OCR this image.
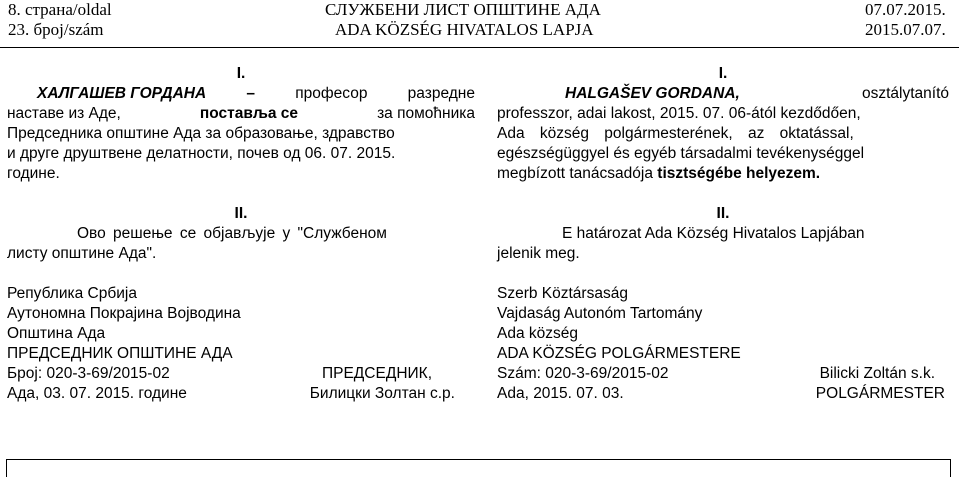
8. страна/oldal
23. број/szám
СЛУЖБЕНИ ЛИСТ ОПШТИНЕ АДА
ADA KÖZSÉG HIVATALOS LAPJA
07.07.2015.
2015.07.07.
I.
ХАЛГАШЕВ ГОРДАНА	–	професор	разредне
наставе из Аде,	поставља се	за помоћника
Председника општине Ада за образовање, здравство
и друге друштвене делатности, почев од 06. 07. 2015.
године.
II.
Ово решење се објављује у "Службеном
листу општине Ада".
Република Србија
Аутономна Покрајина Војводина
Општина Ада
ПРЕДСЕДНИК ОПШТИНЕ АДА
Број: 020-3-69/2015-02	ПРЕДСЕДНИК,
Ада, 03. 07. 2015. године	Билицки Золтан с.р.
I.
HALGAŠEV GORDANA,	osztálytanító
professzor, adai lakost, 2015. 07. 06-ától kezdődően,
Ada község polgármesterének, az oktatással,
egészségüggyel és egyéb társadalmi tevékenységgel
megbízott tanácsadója tisztségébe helyezem.
II.
E határozat Ada Község Hivatalos Lapjában
jelenik meg.
Szerb Köztársaság
Vajdaság Autonóm Tartomány
Ada község
ADA KÖZSÉG POLGÁRMESTERE
Szám: 020-3-69/2015-02	Bilicki Zoltán s.k.
Ada, 2015. 07. 03.	POLGÁRMESTER
